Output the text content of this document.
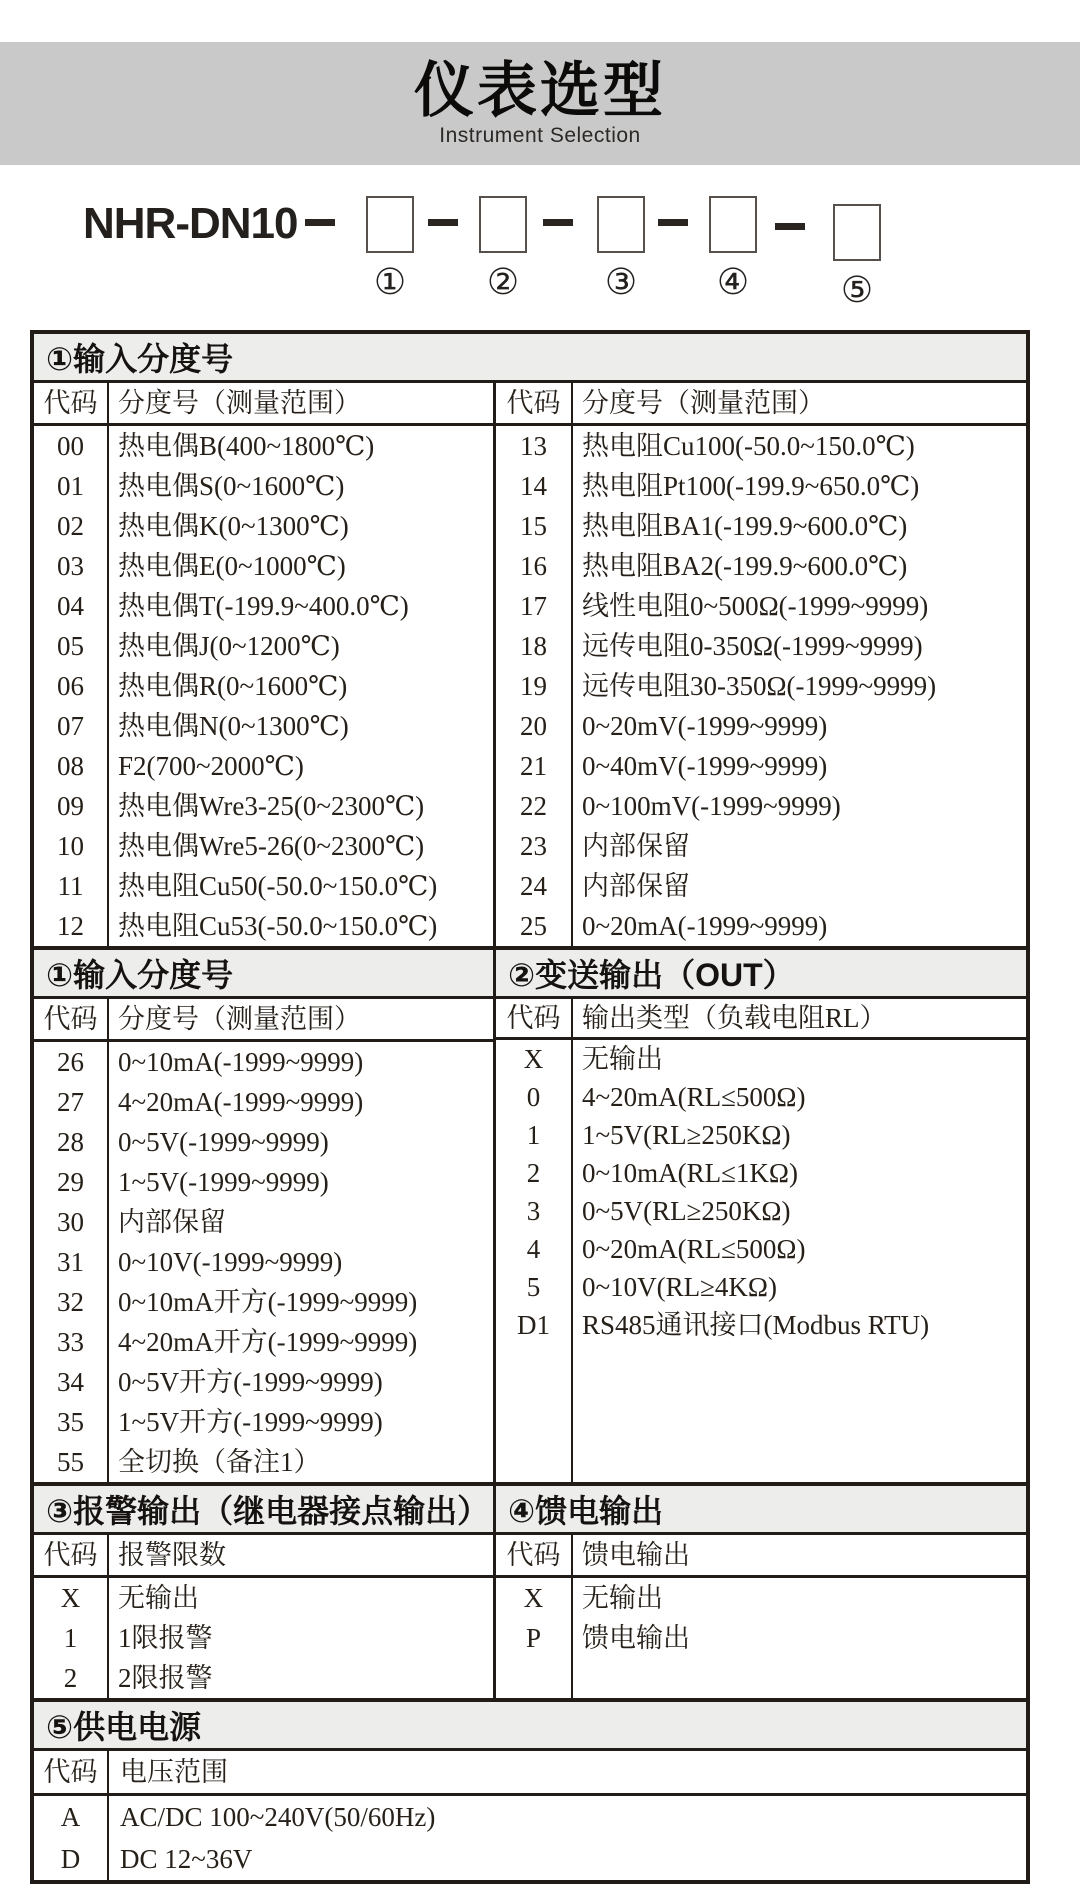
仪表选型
Instrument Selection
NHR-DN10
① ② ③ ④	⑤
①输入分度号
代码 分度号（测量范围）
00	热电偶B(400~1800℃)
01	热电偶S(0~1600℃)
02	热电偶K(0~1300℃)
03	热电偶E(0~1000℃)
04	热电偶T(-199.9~400.0℃)
05	热电偶J(0~1200℃)
06	热电偶R(0~1600℃)
07	热电偶N(0~1300℃)
08	F2(700~2000℃)
09	热电偶Wre3-25(0~2300℃)
10	热电偶Wre5-26(0~2300℃)
11	热电阻Cu50(-50.0~150.0℃)
12	热电阻Cu53(-50.0~150.0℃)
代码 分度号（测量范围）
13	热电阻Cu100(-50.0~150.0℃)
14	热电阻Pt100(-199.9~650.0℃)
15	热电阻BA1(-199.9~600.0℃)
16	热电阻BA2(-199.9~600.0℃)
17	线性电阻0~500Ω(-1999~9999)
18	远传电阻0-350Ω(-1999~9999)
19	远传电阻30-350Ω(-1999~9999)
20	0~20mV(-1999~9999)
21	0~40mV(-1999~9999)
22	0~100mV(-1999~9999)
23	内部保留
24	内部保留
25	0~20mA(-1999~9999)
①输入分度号	②变送输出（OUT）
代码 分度号（测量范围）
26	0~10mA(-1999~9999)
27	4~20mA(-1999~9999)
28	0~5V(-1999~9999)
29	1~5V(-1999~9999)
30	内部保留
31	0~10V(-1999~9999)
32	0~10mA开方(-1999~9999)
33	4~20mA开方(-1999~9999)
34	0~5V开方(-1999~9999)
35	1~5V开方(-1999~9999)
55	全切换（备注1）
代码 输出类型（负载电阻RL）
X	无输出
0	4~20mA(RL≤500Ω)
1	1~5V(RL≥250KΩ)
2	0~10mA(RL≤1KΩ)
3	0~5V(RL≥250KΩ)
4	0~20mA(RL≤500Ω)
5	0~10V(RL≥4KΩ)
D1	RS485通讯接口(Modbus RTU)
③报警输出（继电器接点输出） ④馈电输出
代码 报警限数
X	无输出
1	1限报警
2	2限报警
代码 馈电输出
X	无输出
P	馈电输出
⑤供电电源
代码 电压范围
A	AC/DC 100~240V(50/60Hz)
D	DC 12~36V
